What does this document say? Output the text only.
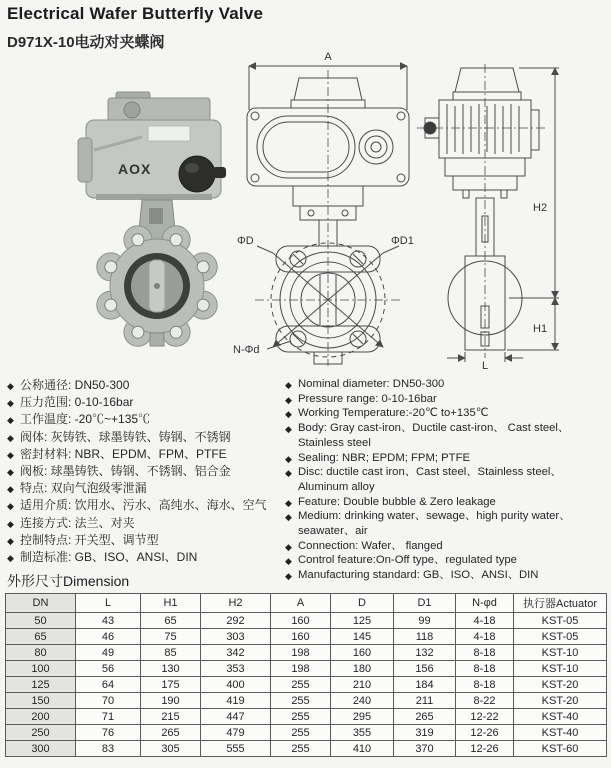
Electrical Wafer Butterfly Valve
D971X-10电动对夹蝶阀
AOX
A
ΦD	ΦD1
N-Φd
H2
H1
L
◆ 公称通径: DN50-300
◆ 压力范围: 0-10-16bar
◆ 工作温度: -20℃~+135℃
◆ 阀体: 灰铸铁、球墨铸铁、铸钢、不锈钢
◆ 密封材料: NBR、EPDM、FPM、PTFE
◆ 阀板: 球墨铸铁、铸钢、不锈钢、铝合金
◆ 特点: 双向气泡级零泄漏
◆ 适用介质: 饮用水、污水、高纯水、海水、空气
◆ 连接方式: 法兰、对夹
◆ 控制特点: 开关型、调节型
◆ 制造标准: GB、ISO、ANSI、DIN
◆ Nominal diameter: DN50-300
◆ Pressure range: 0-10-16bar
◆ Working Temperature:-20℃ to+135℃
◆ Body: Gray cast-iron、Ductile cast-iron、 Cast steel、Stainless steel
◆ Sealing: NBR; EPDM; FPM; PTFE
◆ Disc: ductile cast iron、Cast steel、Stainless steel、Aluminum alloy
◆ Feature: Double bubble & Zero leakage
◆ Medium: drinking water、sewage、high purity water、seawater、air
◆ Connection: Wafer、 flanged
◆ Control feature:On-Off type、regulated type
◆ Manufacturing standard: GB、ISO、ANSI、DIN
外形尺寸Dimension
DN	L	H1	H2	A	D	D1	N-φd	执行器Actuator
50	43	65	292	160	125	99	4-18	KST-05
65	46	75	303	160	145	118	4-18	KST-05
80	49	85	342	198	160	132	8-18	KST-10
100	56	130	353	198	180	156	8-18	KST-10
125	64	175	400	255	210	184	8-18	KST-20
150	70	190	419	255	240	211	8-22	KST-20
200	71	215	447	255	295	265	12-22	KST-40
250	76	265	479	255	355	319	12-26	KST-40
300	83	305	555	255	410	370	12-26	KST-60
